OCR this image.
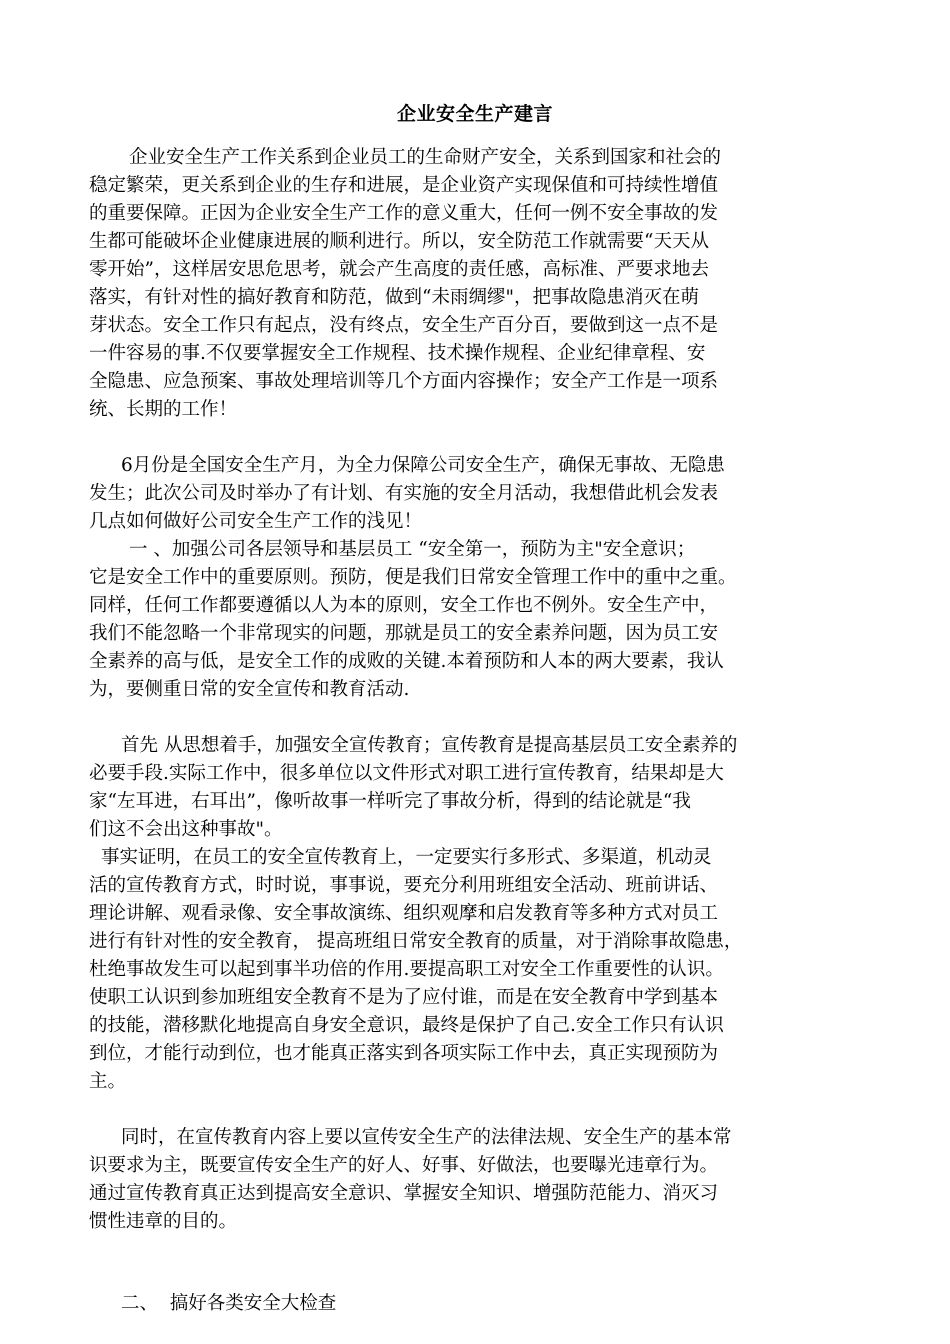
企业安全生产建言
企业安全生产工作关系到企业员工的生命财产安全，关系到国家和社会的
稳定繁荣，更关系到企业的生存和进展，是企业资产实现保值和可持续性增值
的重要保障。正因为企业安全生产工作的意义重大，任何一例不安全事故的发
生都可能破坏企业健康进展的顺利进行。所以，安全防范工作就需要“天天从
零开始”，这样居安思危思考，就会产生高度的责任感，高标准、严要求地去
落实，有针对性的搞好教育和防范，做到“未雨绸缪"，把事故隐患消灭在萌
芽状态。安全工作只有起点，没有终点，安全生产百分百，要做到这一点不是
一件容易的事.不仅要掌握安全工作规程、技术操作规程、企业纪律章程、安
全隐患、应急预案、事故处理培训等几个方面内容操作；安全产工作是一项系
统、长期的工作！
6月份是全国安全生产月，为全力保障公司安全生产，确保无事故、无隐患
发生；此次公司及时举办了有计划、有实施的安全月活动，我想借此机会发表
几点如何做好公司安全生产工作的浅见！
一 、加强公司各层领导和基层员工 “安全第一，预防为主"安全意识；
它是安全工作中的重要原则。预防，便是我们日常安全管理工作中的重中之重。
同样，任何工作都要遵循以人为本的原则，安全工作也不例外。安全生产中，
我们不能忽略一个非常现实的问题，那就是员工的安全素养问题，因为员工安
全素养的高与低，是安全工作的成败的关键.本着预防和人本的两大要素，我认
为，要侧重日常的安全宣传和教育活动.
首先 从思想着手，加强安全宣传教育；宣传教育是提高基层员工安全素养的
必要手段.实际工作中，很多单位以文件形式对职工进行宣传教育，结果却是大
家“左耳进，右耳出”，像听故事一样听完了事故分析，得到的结论就是“我
们这不会出这种事故"。
事实证明，在员工的安全宣传教育上，一定要实行多形式、多渠道，机动灵
活的宣传教育方式，时时说，事事说，要充分利用班组安全活动、班前讲话、
理论讲解、观看录像、安全事故演练、组织观摩和启发教育等多种方式对员工
进行有针对性的安全教育， 提高班组日常安全教育的质量，对于消除事故隐患，
杜绝事故发生可以起到事半功倍的作用.要提高职工对安全工作重要性的认识。
使职工认识到参加班组安全教育不是为了应付谁，而是在安全教育中学到基本
的技能，潜移默化地提高自身安全意识，最终是保护了自己.安全工作只有认识
到位，才能行动到位，也才能真正落实到各项实际工作中去，真正实现预防为
主。
同时，在宣传教育内容上要以宣传安全生产的法律法规、安全生产的基本常
识要求为主，既要宣传安全生产的好人、好事、好做法，也要曝光违章行为。
通过宣传教育真正达到提高安全意识、掌握安全知识、增强防范能力、消灭习
惯性违章的目的。
二、  搞好各类安全大检查
